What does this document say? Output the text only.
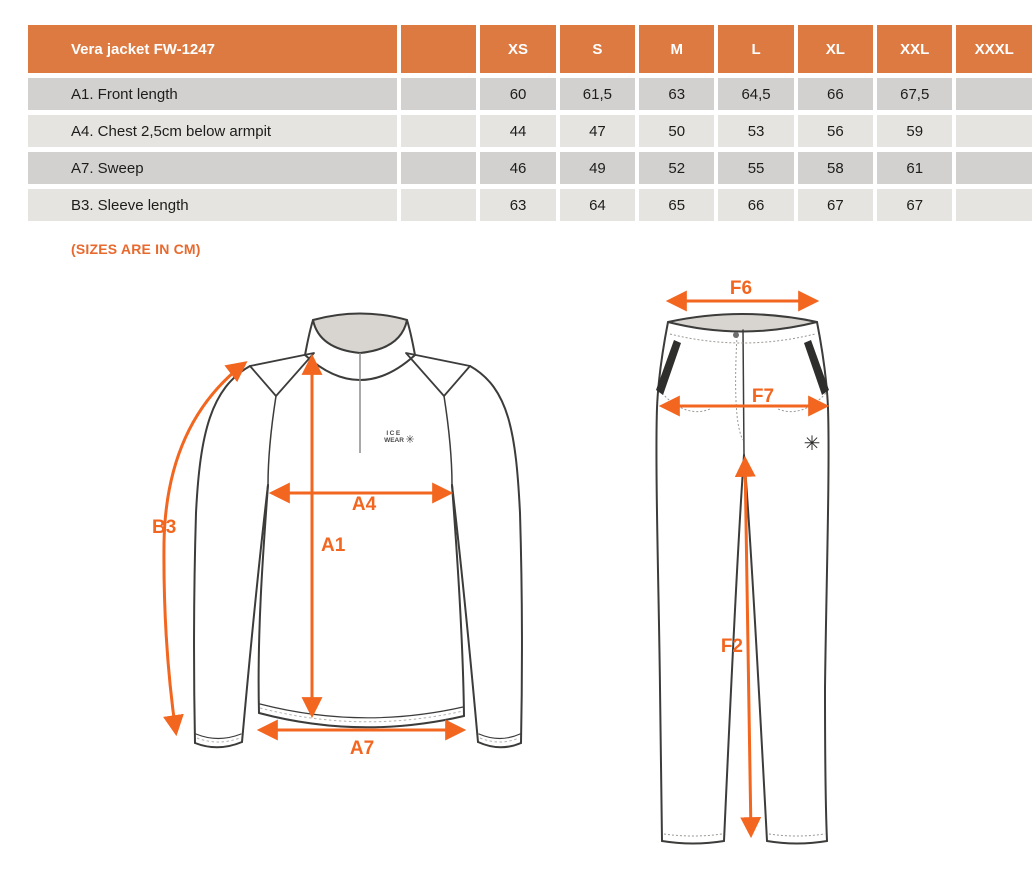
Vera jacket FW-1247		XS	S	M	L	XL	XXL	XXXL
A1. Front length		60	61,5	63	64,5	66	67,5	
A4. Chest 2,5cm below armpit		44	47	50	53	56	59	
A7. Sweep		46	49	52	55	58	61	
B3. Sleeve length		63	64	65	66	67	67	
(SIZES ARE IN CM)
ICE
WEAR ✳
B3
A1
A4
A7
✳
F6
F7
F2
